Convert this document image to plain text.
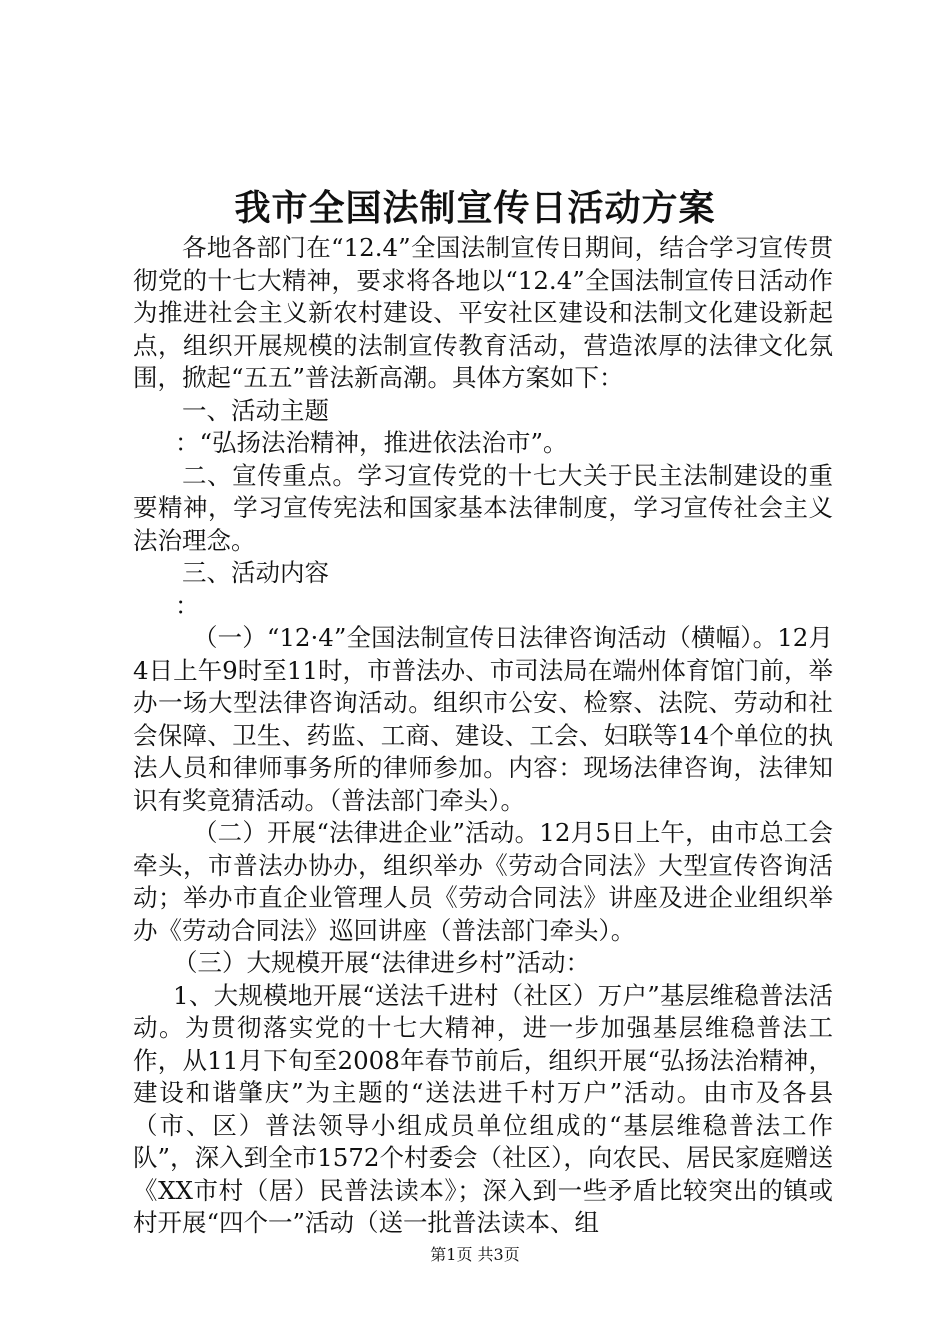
我市全国法制宣传日活动方案

各地各部门在“12.4”全国法制宣传日期间，结合学习宣传贯彻党的十七大精神，要求将各地以“12.4”全国法制宣传日活动作为推进社会主义新农村建设、平安社区建设和法制文化建设新起点，组织开展规模的法制宣传教育活动，营造浓厚的法律文化氛围，掀起“五五”普法新高潮。具体方案如下：

一、活动主题

：“弘扬法治精神，推进依法治市”。

二、宣传重点。学习宣传党的十七大关于民主法制建设的重要精神，学习宣传宪法和国家基本法律制度，学习宣传社会主义法治理念。

三、活动内容

：

（一）“12·4”全国法制宣传日法律咨询活动（横幅）。12月4日上午9时至11时，市普法办、市司法局在端州体育馆门前，举办一场大型法律咨询活动。组织市公安、检察、法院、劳动和社会保障、卫生、药监、工商、建设、工会、妇联等14个单位的执法人员和律师事务所的律师参加。内容：现场法律咨询，法律知识有奖竟猜活动。（普法部门牵头）。

（二）开展“法律进企业”活动。12月5日上午，由市总工会牵头，市普法办协办，组织举办《劳动合同法》大型宣传咨询活动；举办市直企业管理人员《劳动合同法》讲座及进企业组织举办《劳动合同法》巡回讲座（普法部门牵头）。

（三）大规模开展“法律进乡村”活动：

1、大规模地开展“送法千进村（社区）万户”基层维稳普法活动。为贯彻落实党的十七大精神，进一步加强基层维稳普法工作，从11月下旬至2008年春节前后，组织开展“弘扬法治精神，建设和谐肇庆”为主题的“送法进千村万户”活动。由市及各县（市、区）普法领导小组成员单位组成的“基层维稳普法工作队”，深入到全市1572个村委会（社区），向农民、居民家庭赠送《XX市村（居）民普法读本》；深入到一些矛盾比较突出的镇或村开展“四个一”活动（送一批普法读本、组

第1页 共3页
